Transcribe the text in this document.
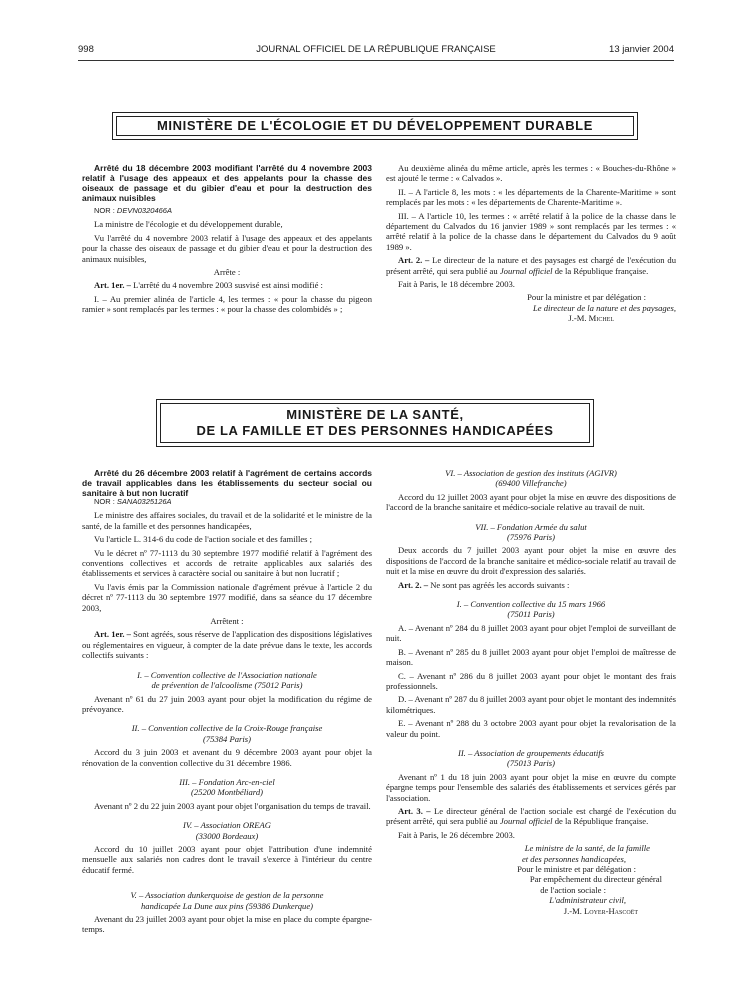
998	JOURNAL OFFICIEL DE LA RÉPUBLIQUE FRANÇAISE	13 janvier 2004
MINISTÈRE DE L'ÉCOLOGIE ET DU DÉVELOPPEMENT DURABLE

Arrêté du 18 décembre 2003 modifiant l'arrêté du 4 novembre 2003 relatif à l'usage des appeaux et des appelants pour la chasse des oiseaux de passage et du gibier d'eau et pour la destruction des animaux nuisibles

NOR : DEVN0320466A

La ministre de l'écologie et du développement durable,

Vu l'arrêté du 4 novembre 2003 relatif à l'usage des appeaux et des appelants pour la chasse des oiseaux de passage et du gibier d'eau et pour la destruction des animaux nuisibles,

Arrête :

Art. 1er. – L'arrêté du 4 novembre 2003 susvisé est ainsi modifié :

I. – Au premier alinéa de l'article 4, les termes : « pour la chasse du pigeon ramier » sont remplacés par les termes : « pour la chasse des colombidés » ;

Au deuxième alinéa du même article, après les termes : « Bouches-du-Rhône » est ajouté le terme : « Calvados ».

II. – A l'article 8, les mots : « les départements de la Charente-Maritime » sont remplacés par les mots : « les départements de Charente-Maritime ».

III. – A l'article 10, les termes : « arrêté relatif à la police de la chasse dans le département du Calvados du 16 janvier 1989 » sont remplacés par les termes : « arrêté relatif à la police de la chasse dans le département du Calvados du 9 août 1989 ».

Art. 2. – Le directeur de la nature et des paysages est chargé de l'exécution du présent arrêté, qui sera publié au Journal officiel de la République française.

Fait à Paris, le 18 décembre 2003.

Pour la ministre et par délégation :

Le directeur de la nature et des paysages,

J.-M. Michel

MINISTÈRE DE LA SANTÉ,
DE LA FAMILLE ET DES PERSONNES HANDICAPÉES

Arrêté du 26 décembre 2003 relatif à l'agrément de certains accords de travail applicables dans les établissements du secteur social ou sanitaire à but non lucratif

NOR : SANA0325126A

Le ministre des affaires sociales, du travail et de la solidarité et le ministre de la santé, de la famille et des personnes handicapées,

Vu l'article L. 314-6 du code de l'action sociale et des familles ;

Vu le décret nº 77-1113 du 30 septembre 1977 modifié relatif à l'agrément des conventions collectives et accords de retraite applicables aux salariés des établissements et services à caractère social ou sanitaire à but non lucratif ;

Vu l'avis émis par la Commission nationale d'agrément prévue à l'article 2 du décret nº 77-1113 du 30 septembre 1977 modifié, dans sa séance du 17 décembre 2003,

Arrêtent :

Art. 1er. – Sont agréés, sous réserve de l'application des dispositions législatives ou réglementaires en vigueur, à compter de la date prévue dans le texte, les accords collectifs suivants :

I. – Convention collective de l'Association nationale

de prévention de l'alcoolisme (75012 Paris)

Avenant nº 61 du 27 juin 2003 ayant pour objet la modification du régime de prévoyance.

II. – Convention collective de la Croix-Rouge française

(75384 Paris)

Accord du 3 juin 2003 et avenant du 9 décembre 2003 ayant pour objet la rénovation de la convention collective du 31 décembre 1986.

III. – Fondation Arc-en-ciel

(25200 Montbéliard)

Avenant nº 2 du 22 juin 2003 ayant pour objet l'organisation du temps de travail.

IV. – Association OREAG

(33000 Bordeaux)

Accord du 10 juillet 2003 ayant pour objet l'attribution d'une indemnité mensuelle aux salariés non cadres dont le travail s'exerce à l'intérieur du centre éducatif fermé.

V. – Association dunkerquoise de gestion de la personne

handicapée La Dune aux pins (59386 Dunkerque)

Avenant du 23 juillet 2003 ayant pour objet la mise en place du compte épargne-temps.

VI. – Association de gestion des instituts (AGIVR)

(69400 Villefranche)

Accord du 12 juillet 2003 ayant pour objet la mise en œuvre des dispositions de l'accord de la branche sanitaire et médico-sociale relative au travail de nuit.

VII. – Fondation Armée du salut

(75976 Paris)

Deux accords du 7 juillet 2003 ayant pour objet la mise en œuvre des dispositions de l'accord de la branche sanitaire et médico-sociale relatif au travail de nuit et la mise en œuvre du droit d'expression des salariés.

Art. 2. – Ne sont pas agréés les accords suivants :

I. – Convention collective du 15 mars 1966

(75011 Paris)

A. – Avenant nº 284 du 8 juillet 2003 ayant pour objet l'emploi de surveillant de nuit.

B. – Avenant nº 285 du 8 juillet 2003 ayant pour objet l'emploi de maîtresse de maison.

C. – Avenant nº 286 du 8 juillet 2003 ayant pour objet le montant des frais professionnels.

D. – Avenant nº 287 du 8 juillet 2003 ayant pour objet le montant des indemnités kilométriques.

E. – Avenant nº 288 du 3 octobre 2003 ayant pour objet la revalorisation de la valeur du point.

II. – Association de groupements éducatifs

(75013 Paris)

Avenant nº 1 du 18 juin 2003 ayant pour objet la mise en œuvre du compte épargne temps pour l'ensemble des salariés des établissements et services gérés par l'association.

Art. 3. – Le directeur général de l'action sociale est chargé de l'exécution du présent arrêté, qui sera publié au Journal officiel de la République française.

Fait à Paris, le 26 décembre 2003.

Le ministre de la santé, de la famille

et des personnes handicapées,

Pour le ministre et par délégation :

Par empêchement du directeur général

de l'action sociale :

L'administrateur civil,

J.-M. Loyer-Hascoët
